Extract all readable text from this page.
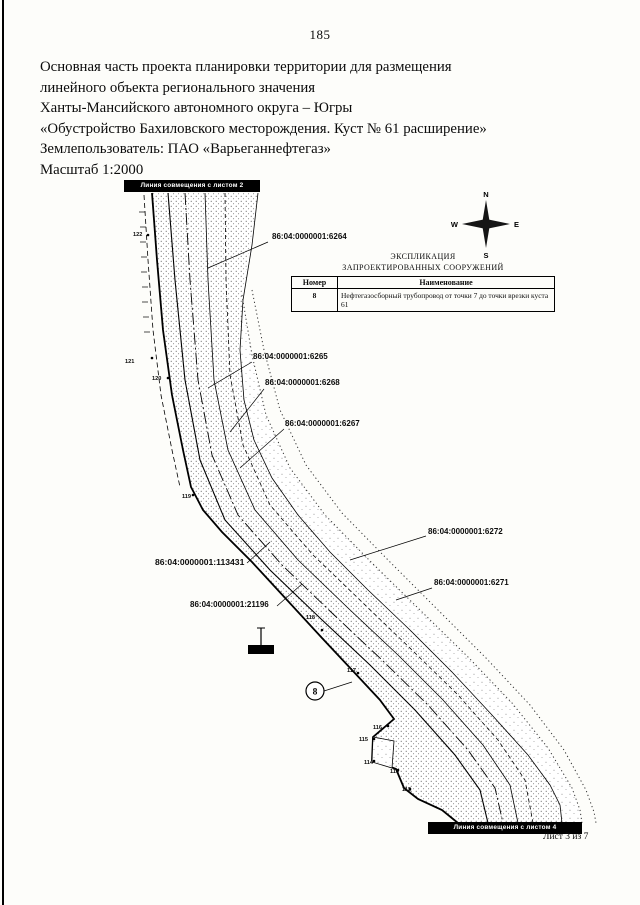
185
Основная часть проекта планировки территории для размещения
линейного объекта регионального значения
Ханты-Мансийского автономного округа – Югры
«Обустройство Бахиловского месторождения. Куст № 61 расширение»
Землепользователь: ПАО «Варьеганнефтегаз»
Масштаб 1:2000
8
N
S
W	E
Линия совмещения с листом 2
Линия совмещения с листом 4
Лист 3 из 7
ЭКСПЛИКАЦИЯ
ЗАПРОЕКТИРОВАННЫХ СООРУЖЕНИЙ
Номер	Наименование
8	Нефтегазосборный трубопровод от точки 7 до точки врезки куста 61
86:04:0000001:6264
86:04:0000001:6265
86:04:0000001:6268
86:04:0000001:6267
86:04:0000001:6272
86:04:0000001:6271
86:04:0000001:113431
86:04:0000001:21196
122
121
120
119
118
117
116
115
114
113
112
